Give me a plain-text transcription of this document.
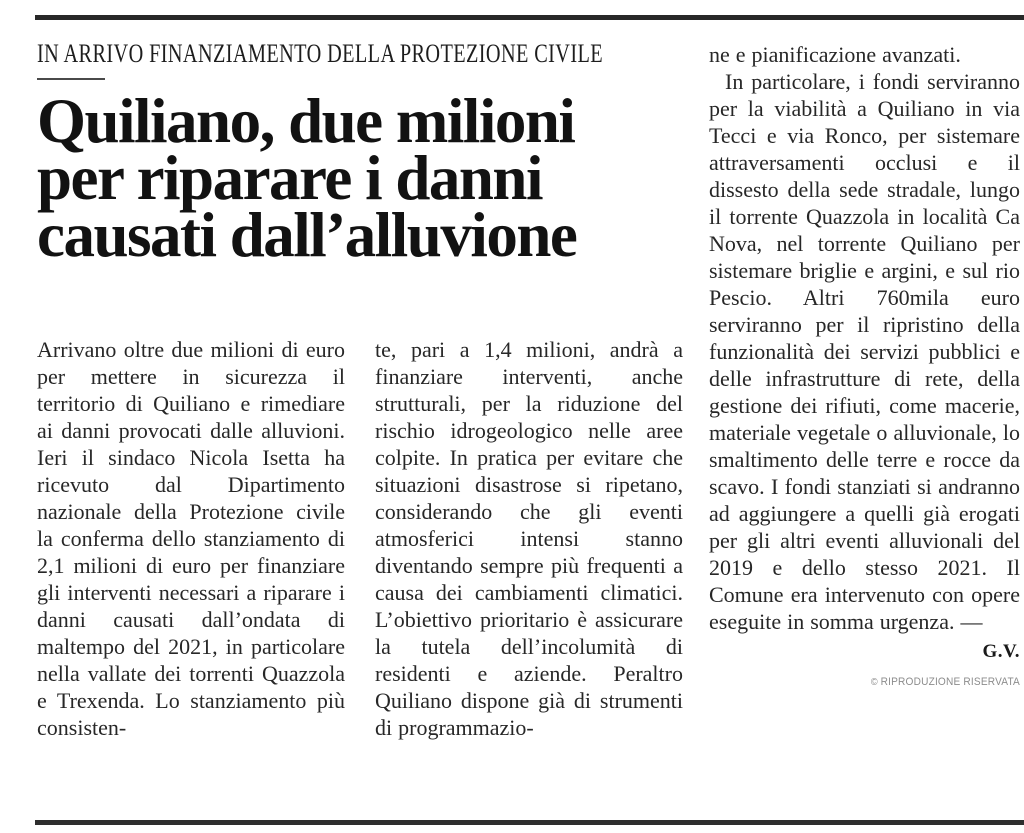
IN ARRIVO FINANZIAMENTO DELLA PROTEZIONE CIVILE
Quiliano, due milioni
per riparare i danni
causati dall’alluvione

Arrivano oltre due milioni di euro per mettere in sicurezza il territorio di Quiliano e rimediare ai danni provocati dalle alluvioni. Ieri il sindaco Nicola Isetta ha ricevuto dal Dipartimento nazionale della Protezione civile la conferma dello stanziamento di 2,1 milioni di euro per finanziare gli interventi necessari a riparare i danni causati dall’ondata di maltempo del 2021, in particolare nella vallate dei torrenti Quazzola e Trexenda. Lo stanziamento più consisten-

te, pari a 1,4 milioni, andrà a finanziare interventi, anche strutturali, per la riduzione del rischio idrogeologico nelle aree colpite. In pratica per evitare che situazioni disastrose si ripetano, considerando che gli eventi atmosferici intensi stanno diventando sempre più frequenti a causa dei cambiamenti climatici. L’obiettivo prioritario è assicurare la tutela dell’incolumità di residenti e aziende. Peraltro Quiliano dispone già di strumenti di programmazio-

ne e pianificazione avanzati.

In particolare, i fondi serviranno per la viabilità a Quiliano in via Tecci e via Ronco, per sistemare attraversamenti occlusi e il dissesto della sede stradale, lungo il torrente Quazzola in località Ca Nova, nel torrente Quiliano per sistemare briglie e argini, e sul rio Pescio. Altri 760mila euro serviranno per il ripristino della funzionalità dei servizi pubblici e delle infrastrutture di rete, della gestione dei rifiuti, come macerie, materiale vegetale o alluvionale, lo smaltimento delle terre e rocce da scavo. I fondi stanziati si andranno ad aggiungere a quelli già erogati per gli altri eventi alluvionali del 2019 e dello stesso 2021. Il Comune era intervenuto con opere eseguite in somma urgenza. —

G.V.
© RIPRODUZIONE RISERVATA
